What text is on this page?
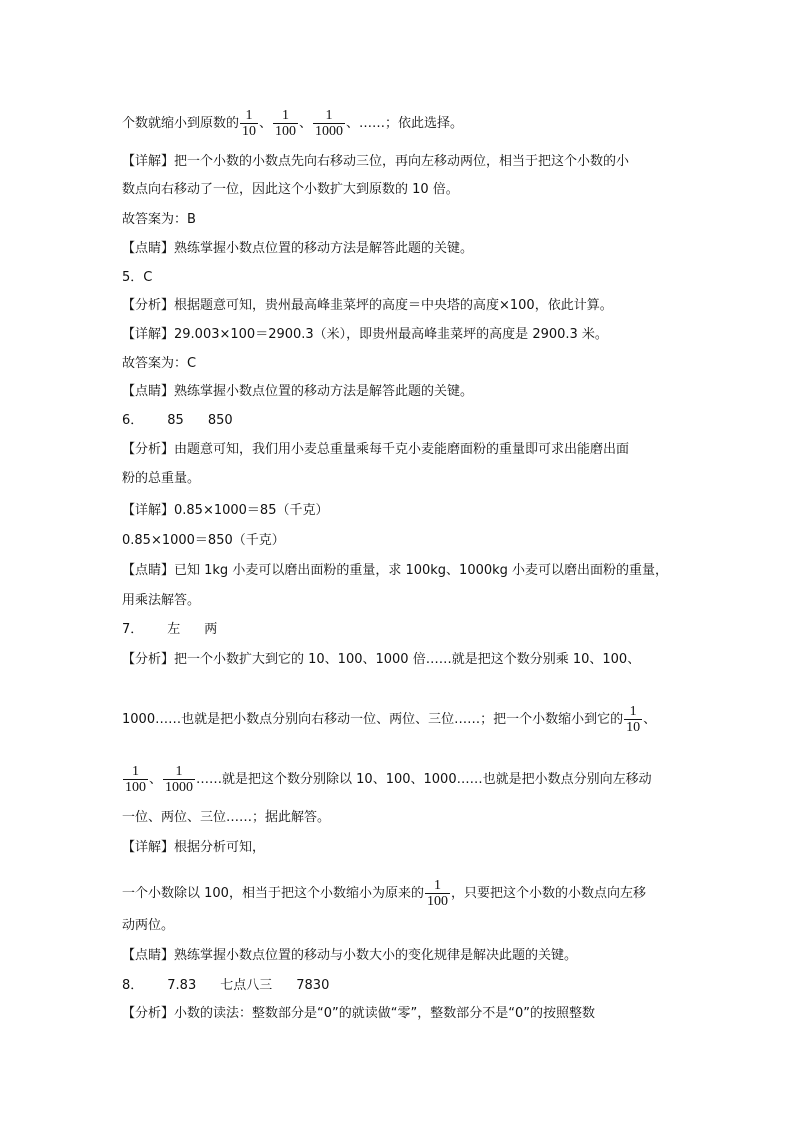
个数就缩小到原数的 $\frac{1}{10}$ 、 $\frac{1}{100}$ 、 $\frac{1}{1000}$ 、……；依此选择。
【详解】把一个小数的小数点先向右移动三位，再向左移动两位，相当于把这个小数的小
数点向右移动了一位，因此这个小数扩大到原数的 10 倍。
故答案为：B
【点睛】熟练掌握小数点位置的移动方法是解答此题的关键。
5．C
【分析】根据题意可知，贵州最高峰韭菜坪的高度＝中央塔的高度×100，依此计算。
【详解】29.003×100＝2900.3（米），即贵州最高峰韭菜坪的高度是 2900.3 米。
故答案为：C
【点睛】熟练掌握小数点位置的移动方法是解答此题的关键。
6． 85 850
【分析】由题意可知，我们用小麦总重量乘每千克小麦能磨面粉的重量即可求出能磨出面
粉的总重量。
【详解】0.85×1000＝85（千克）
0.85×1000＝850（千克）
【点睛】已知 1kg 小麦可以磨出面粉的重量，求 100kg、1000kg 小麦可以磨出面粉的重量，
用乘法解答。
7． 左 两
【分析】把一个小数扩大到它的 10、100、1000 倍……就是把这个数分别乘 10、100、
1000……也就是把小数点分别向右移动一位、两位、三位……；把一个小数缩小到它的 $\frac{1}{10}$ 、
$\frac{1}{100}$ 、 $\frac{1}{1000}$ ……就是把这个数分别除以 10、100、1000……也就是把小数点分别向左移动
一位、两位、三位……；据此解答。
【详解】根据分析可知，
一个小数除以 100，相当于把这个小数缩小为原来的 $\frac{1}{100}$ ，只要把这个小数的小数点向左移
动两位。
【点睛】熟练掌握小数点位置的移动与小数大小的变化规律是解决此题的关键。
8． 7.83 七点八三 7830
【分析】小数的读法：整数部分是“0”的就读做“零”，整数部分不是“0”的按照整数
